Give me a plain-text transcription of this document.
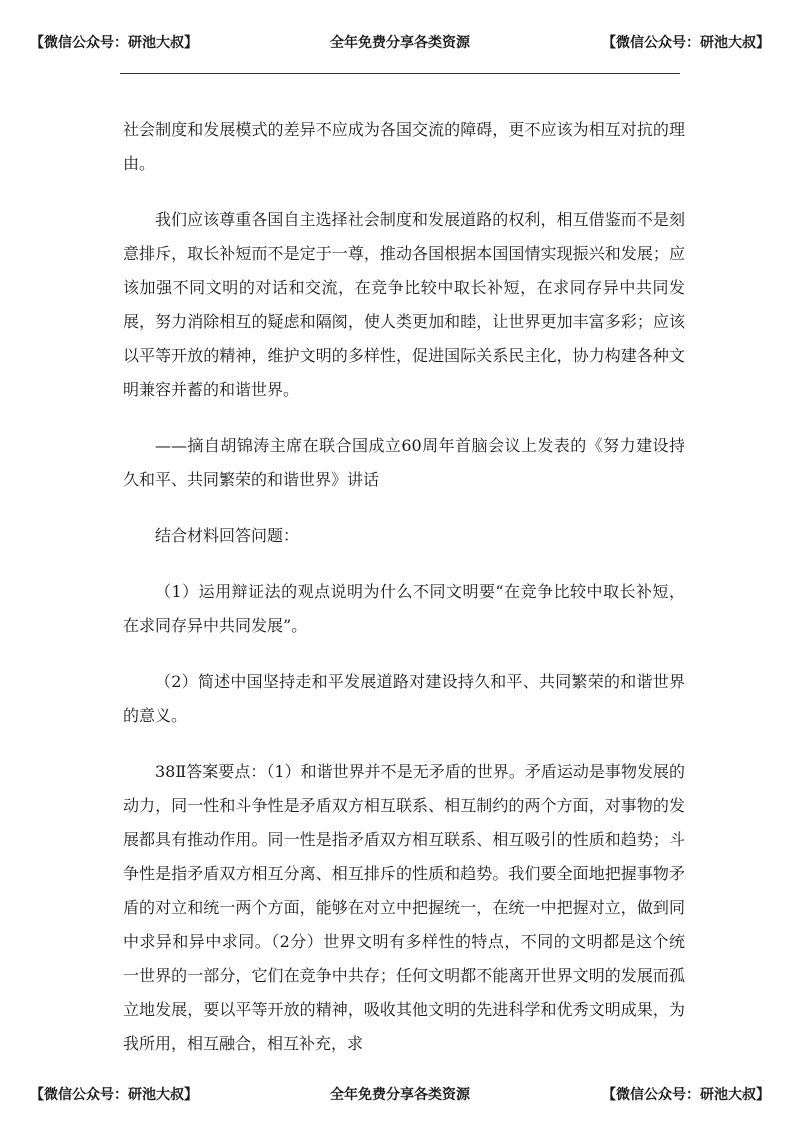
【微信公众号：研池大叔】	全年免费分享各类资源	【微信公众号：研池大叔】

社会制度和发展模式的差异不应成为各国交流的障碍，更不应该为相互对抗的理由。

我们应该尊重各国自主选择社会制度和发展道路的权利，相互借鉴而不是刻意排斥，取长补短而不是定于一尊，推动各国根据本国国情实现振兴和发展；应该加强不同文明的对话和交流，在竞争比较中取长补短，在求同存异中共同发展，努力消除相互的疑虑和隔阂，使人类更加和睦，让世界更加丰富多彩；应该以平等开放的精神，维护文明的多样性，促进国际关系民主化，协力构建各种文明兼容并蓄的和谐世界。

——摘自胡锦涛主席在联合国成立60周年首脑会议上发表的《努力建设持久和平、共同繁荣的和谐世界》讲话

结合材料回答问题：

（1）运用辩证法的观点说明为什么不同文明要“在竞争比较中取长补短，在求同存异中共同发展”。

（2）简述中国坚持走和平发展道路对建设持久和平、共同繁荣的和谐世界的意义。

38Ⅱ答案要点：（1）和谐世界并不是无矛盾的世界。矛盾运动是事物发展的动力，同一性和斗争性是矛盾双方相互联系、相互制约的两个方面，对事物的发展都具有推动作用。同一性是指矛盾双方相互联系、相互吸引的性质和趋势；斗争性是指矛盾双方相互分离、相互排斥的性质和趋势。我们要全面地把握事物矛盾的对立和统一两个方面，能够在对立中把握统一，在统一中把握对立，做到同中求异和异中求同。（2分）世界文明有多样性的特点，不同的文明都是这个统一世界的一部分，它们在竞争中共存；任何文明都不能离开世界文明的发展而孤立地发展，要以平等开放的精神，吸收其他文明的先进科学和优秀文明成果，为我所用，相互融合，相互补充，求

【微信公众号：研池大叔】	全年免费分享各类资源	【微信公众号：研池大叔】
